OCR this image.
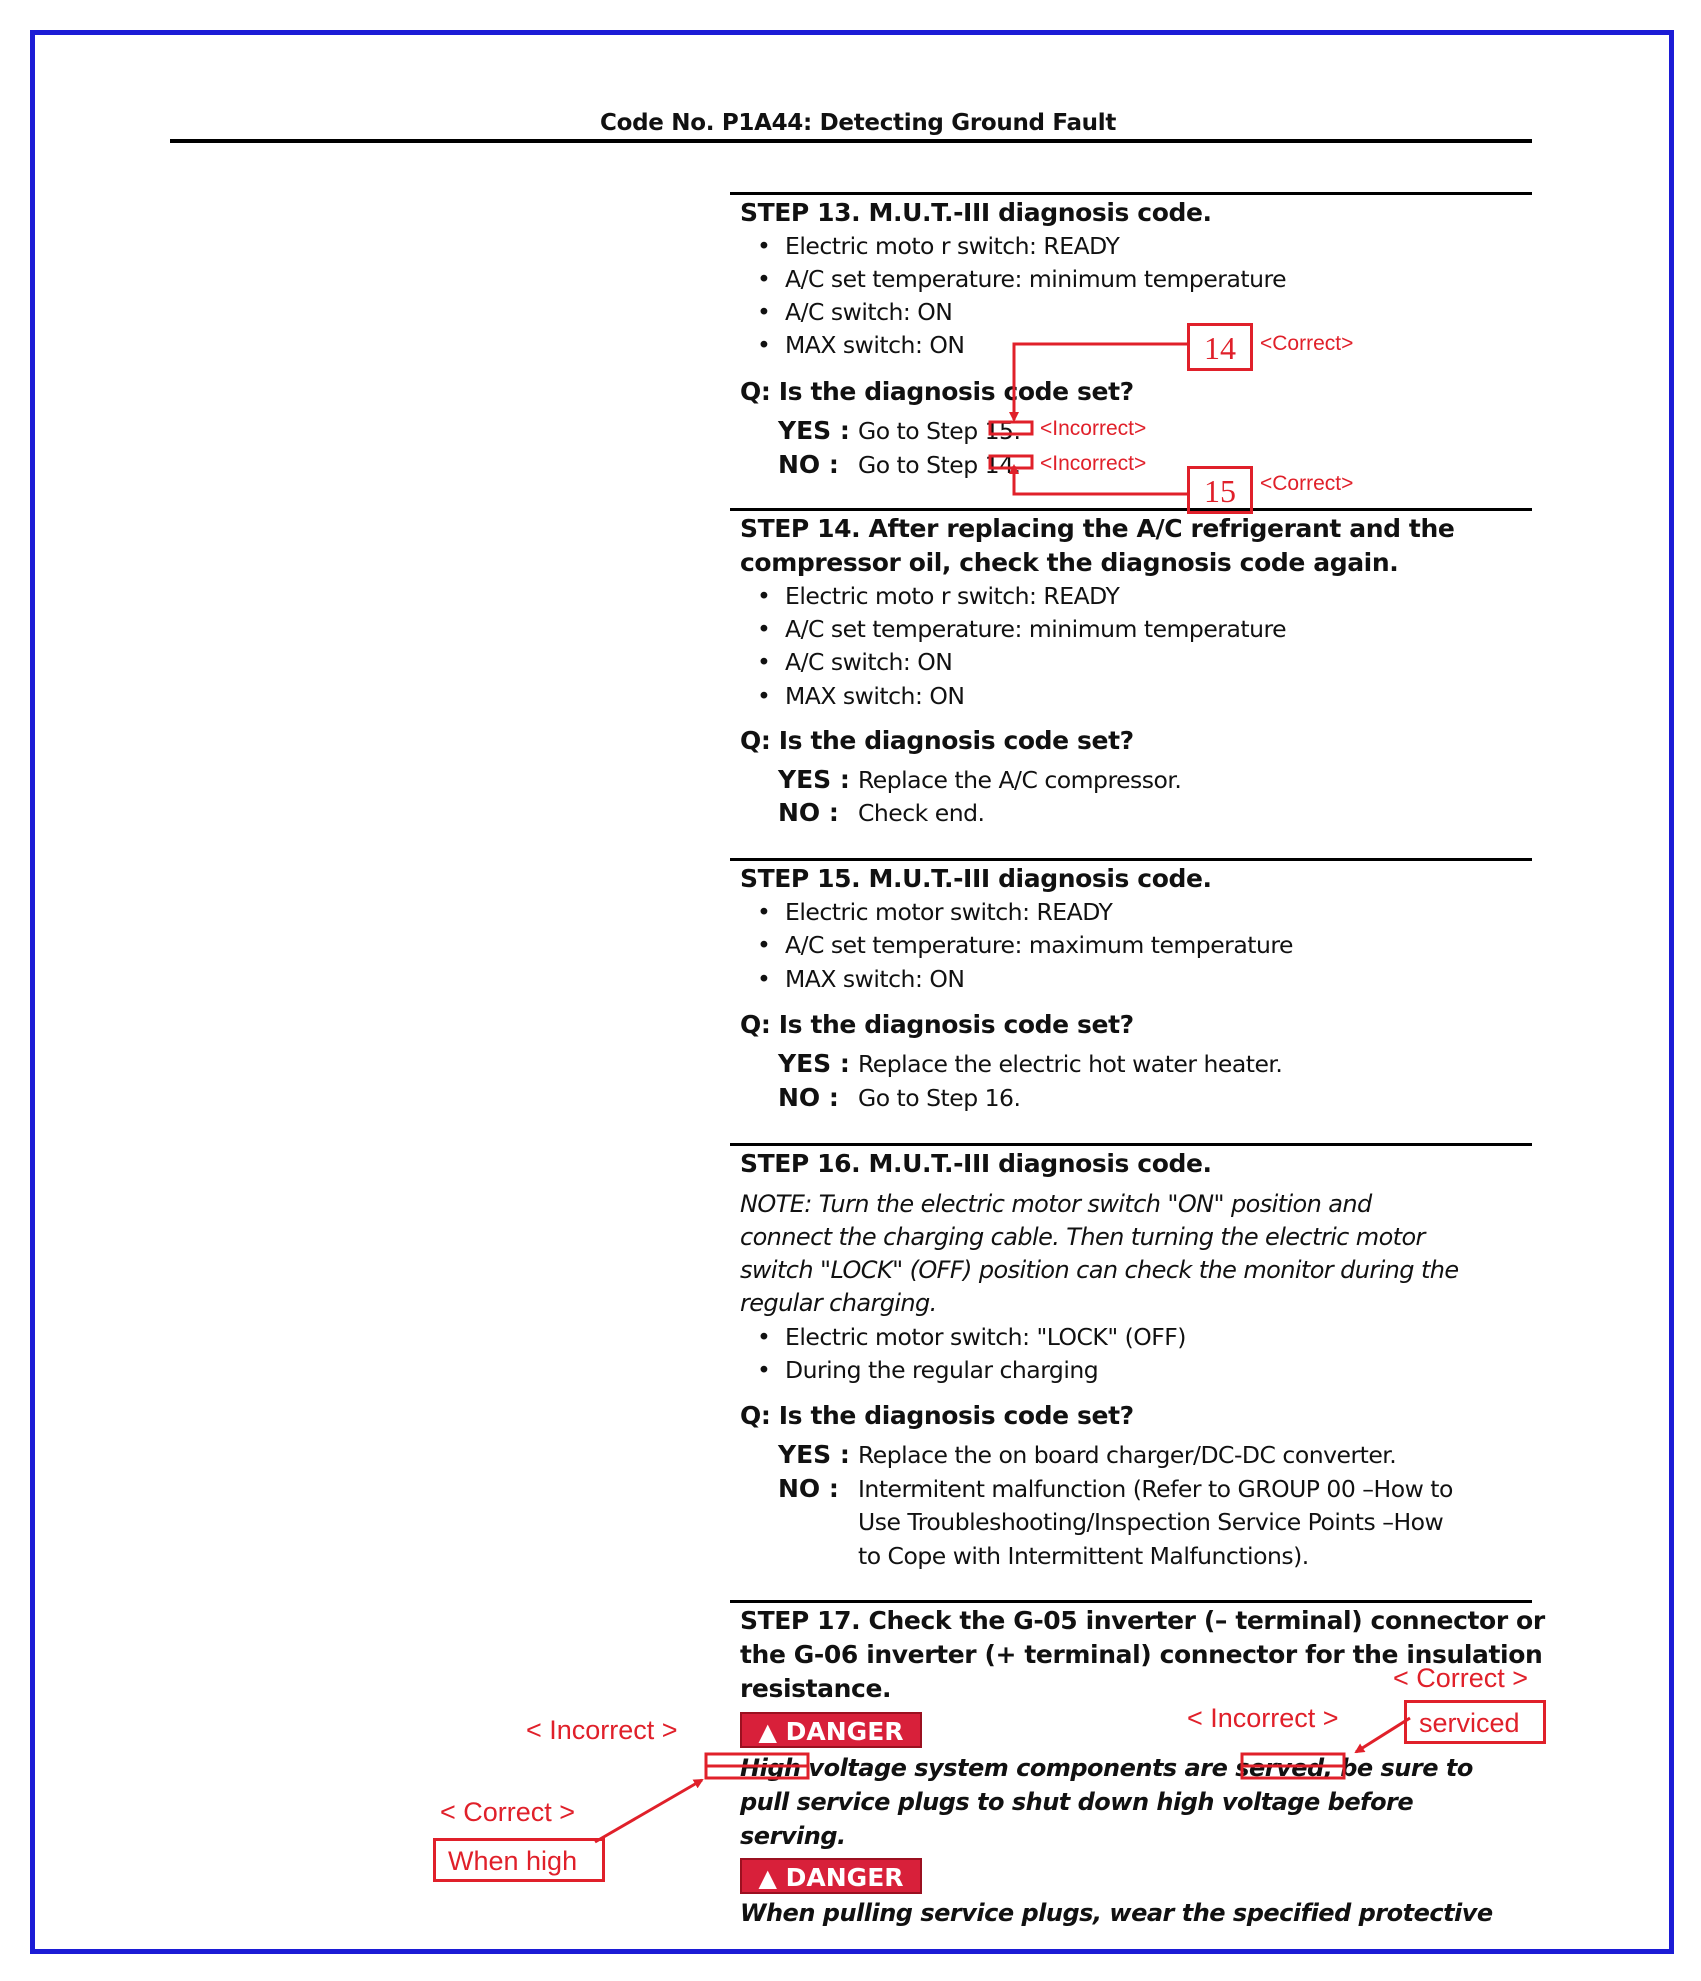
Code No. P1A44: Detecting Ground Fault
STEP 13. M.U.T.-III diagnosis code.
• Electric moto r switch: READY
• A/C set temperature: minimum temperature
• A/C switch: ON
• MAX switch: ON
Q: Is the diagnosis code set?
YES : Go to Step 15.
NO : Go to Step 14.
STEP 14. After replacing the A/C refrigerant and the
compressor oil, check the diagnosis code again.
• Electric moto r switch: READY
• A/C set temperature: minimum temperature
• A/C switch: ON
• MAX switch: ON
Q: Is the diagnosis code set?
YES : Replace the A/C compressor.
NO : Check end.
STEP 15. M.U.T.-III diagnosis code.
• Electric motor switch: READY
• A/C set temperature: maximum temperature
• MAX switch: ON
Q: Is the diagnosis code set?
YES : Replace the electric hot water heater.
NO : Go to Step 16.
STEP 16. M.U.T.-III diagnosis code.
NOTE: Turn the electric motor switch "ON" position and
connect the charging cable. Then turning the electric motor
switch "LOCK" (OFF) position can check the monitor during the
regular charging.
• Electric motor switch: "LOCK" (OFF)
• During the regular charging
Q: Is the diagnosis code set?
YES : Replace the on board charger/DC-DC converter.
NO : Intermitent malfunction (Refer to GROUP 00 –How to
Use Troubleshooting/Inspection Service Points –How
to Cope with Intermittent Malfunctions).
STEP 17. Check the G-05 inverter (– terminal) connector or
the G-06 inverter (+ terminal) connector for the insulation
resistance.
▲ DANGER
High voltage system components are served, be sure to
pull service plugs to shut down high voltage before
serving.
▲ DANGER
When pulling service plugs, wear the specified protective
14	<Correct>
<Incorrect>
<Incorrect>
15	<Correct>
< Correct >
serviced
< Incorrect >
< Incorrect >
< Correct >
When high
